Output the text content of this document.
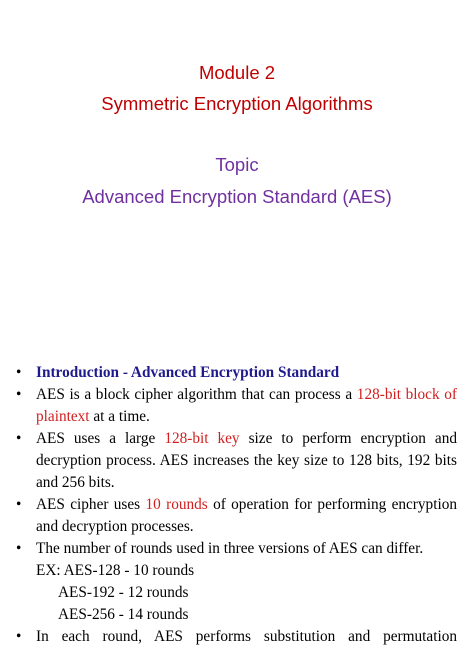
Module 2
Symmetric Encryption Algorithms
Topic
Advanced Encryption Standard (AES)
• Introduction - Advanced Encryption Standard
• AES is a block cipher algorithm that can process a 128-bit block of plaintext at a time.
• AES uses a large 128-bit key size to perform encryption and decryption process. AES increases the key size to 128 bits, 192 bits and 256 bits.
• AES cipher uses 10 rounds of operation for performing encryption and decryption processes.
• The number of rounds used in three versions of AES can differ.
EX: AES-128 - 10 rounds
AES-192 - 12 rounds
AES-256 - 14 rounds
• In each round, AES performs substitution and permutation
